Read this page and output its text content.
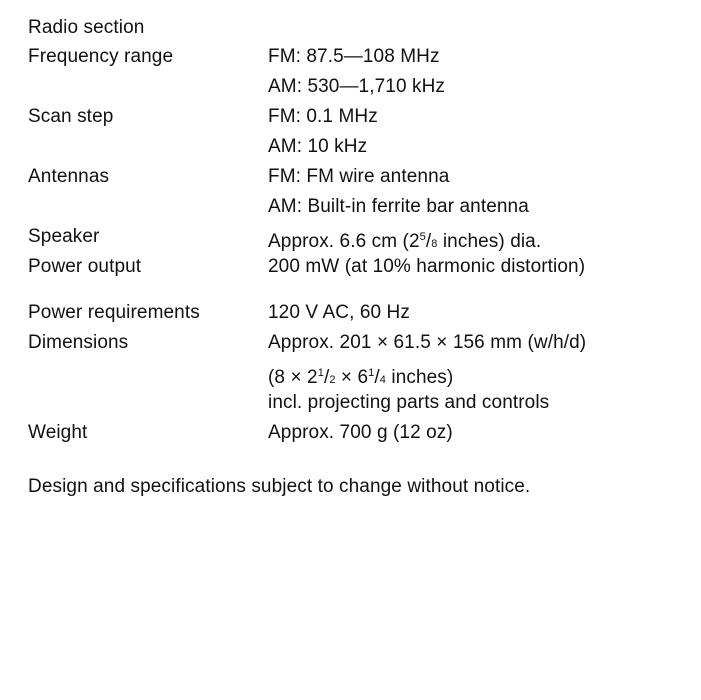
Radio section
Frequency range	FM: 87.5—108 MHz
AM: 530—1,710 kHz
Scan step	FM: 0.1 MHz
AM: 10 kHz
Antennas	FM: FM wire antenna
AM: Built-in ferrite bar antenna
Speaker	Approx. 6.6 cm ($2^5/8$ inches) dia.
Power output	200 mW (at 10% harmonic distortion)
Power requirements	120 V AC, 60 Hz
Dimensions	Approx. 201 × 61.5 × 156 mm (w/h/d)
($8 \times 2^1/2 \times 6^1/4$ inches)
incl. projecting parts and controls
Weight	Approx. 700 g (12 oz)
Design and specifications subject to change without notice.
